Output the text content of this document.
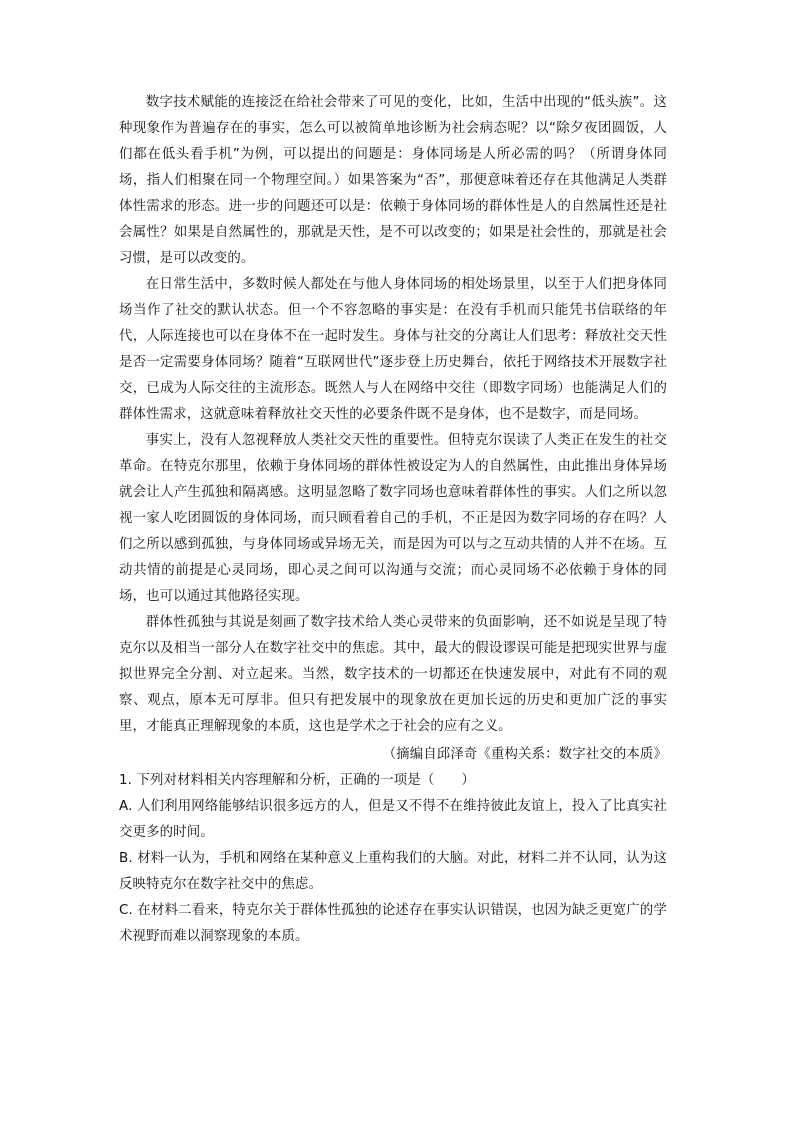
数字技术赋能的连接泛在给社会带来了可见的变化，比如，生活中出现的“低头族”。这种现象作为普遍存在的事实，怎么可以被简单地诊断为社会病态呢？以“除夕夜团圆饭，人们都在低头看手机”为例，可以提出的问题是：身体同场是人所必需的吗？（所谓身体同场，指人们相聚在同一个物理空间。）如果答案为“否”，那便意味着还存在其他满足人类群体性需求的形态。进一步的问题还可以是：依赖于身体同场的群体性是人的自然属性还是社会属性？如果是自然属性的，那就是天性，是不可以改变的；如果是社会性的，那就是社会习惯，是可以改变的。

在日常生活中，多数时候人都处在与他人身体同场的相处场景里，以至于人们把身体同场当作了社交的默认状态。但一个不容忽略的事实是：在没有手机而只能凭书信联络的年代，人际连接也可以在身体不在一起时发生。身体与社交的分离让人们思考：释放社交天性是否一定需要身体同场？随着“互联网世代”逐步登上历史舞台，依托于网络技术开展数字社交，已成为人际交往的主流形态。既然人与人在网络中交往（即数字同场）也能满足人们的群体性需求，这就意味着释放社交天性的必要条件既不是身体，也不是数字，而是同场。

事实上，没有人忽视释放人类社交天性的重要性。但特克尔误读了人类正在发生的社交革命。在特克尔那里，依赖于身体同场的群体性被设定为人的自然属性，由此推出身体异场就会让人产生孤独和隔离感。这明显忽略了数字同场也意味着群体性的事实。人们之所以忽视一家人吃团圆饭的身体同场，而只顾看着自己的手机，不正是因为数字同场的存在吗？人们之所以感到孤独，与身体同场或异场无关，而是因为可以与之互动共情的人并不在场。互动共情的前提是心灵同场，即心灵之间可以沟通与交流；而心灵同场不必依赖于身体的同场，也可以通过其他路径实现。

群体性孤独与其说是刻画了数字技术给人类心灵带来的负面影响，还不如说是呈现了特克尔以及相当一部分人在数字社交中的焦虑。其中，最大的假设谬误可能是把现实世界与虚拟世界完全分割、对立起来。当然，数字技术的一切都还在快速发展中，对此有不同的观察、观点，原本无可厚非。但只有把发展中的现象放在更加长远的历史和更加广泛的事实里，才能真正理解现象的本质，这也是学术之于社会的应有之义。

（摘编自邱泽奇《重构关系：数字社交的本质》

1. 下列对材料相关内容理解和分析，正确的一项是（　　）

A. 人们利用网络能够结识很多远方的人，但是又不得不在维持彼此友谊上，投入了比真实社交更多的时间。

B. 材料一认为，手机和网络在某种意义上重构我们的大脑。对此，材料二并不认同，认为这反映特克尔在数字社交中的焦虑。

C. 在材料二看来，特克尔关于群体性孤独的论述存在事实认识错误，也因为缺乏更宽广的学术视野而难以洞察现象的本质。
